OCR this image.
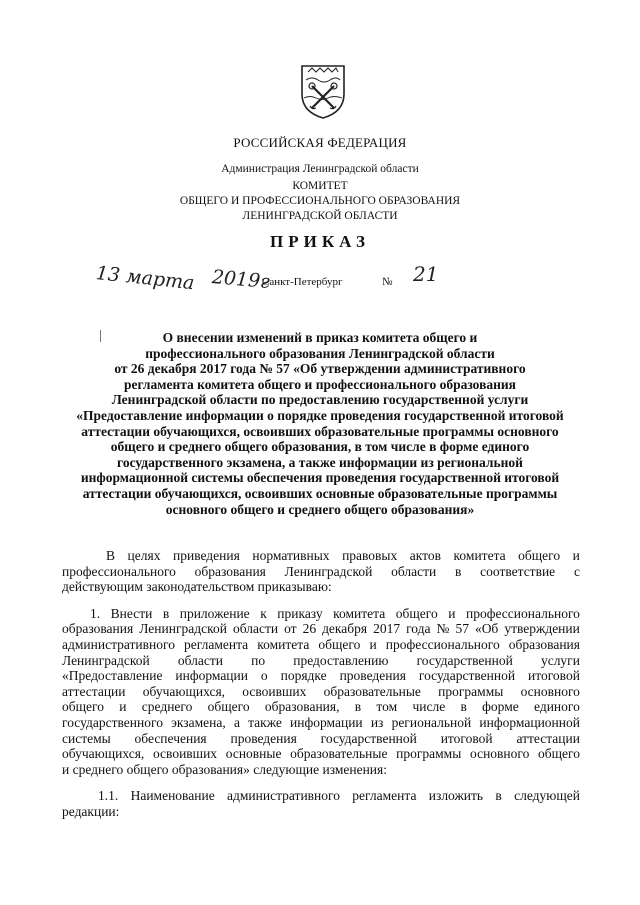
РОССИЙСКАЯ ФЕДЕРАЦИЯ
Администрация Ленинградской области
КОМИТЕТ
ОБЩЕГО И ПРОФЕССИОНАЛЬНОГО ОБРАЗОВАНИЯ
ЛЕНИНГРАДСКОЙ ОБЛАСТИ
ПРИКАЗ
13 марта 2019г
Санкт-Петербург	№ 21
О внесении изменений в приказ комитета общего и
профессионального образования Ленинградской области
от 26 декабря 2017 года № 57 «Об утверждении административного
регламента комитета общего и профессионального образования
Ленинградской области по предоставлению государственной услуги
«Предоставление информации о порядке проведения государственной итоговой
аттестации обучающихся, освоивших образовательные программы основного
общего и среднего общего образования, в том числе в форме единого
государственного экзамена, а также информации из региональной
информационной системы обеспечения проведения государственной итоговой
аттестации обучающихся, освоивших основные образовательные программы
основного общего и среднего общего образования»
В целях приведения нормативных правовых актов комитета общего и
профессионального образования Ленинградской области в соответствие с
действующим законодательством приказываю:
1. Внести в приложение к приказу комитета общего и профессионального
образования Ленинградской области от 26 декабря 2017 года № 57 «Об утверждении
административного регламента комитета общего и профессионального образования
Ленинградской области по предоставлению государственной услуги
«Предоставление информации о порядке проведения государственной итоговой
аттестации обучающихся, освоивших образовательные программы основного
общего и среднего общего образования, в том числе в форме единого
государственного экзамена, а также информации из региональной информационной
системы обеспечения проведения государственной итоговой аттестации
обучающихся, освоивших основные образовательные программы основного общего
и среднего общего образования» следующие изменения:
1.1. Наименование административного регламента изложить в следующей
редакции:
